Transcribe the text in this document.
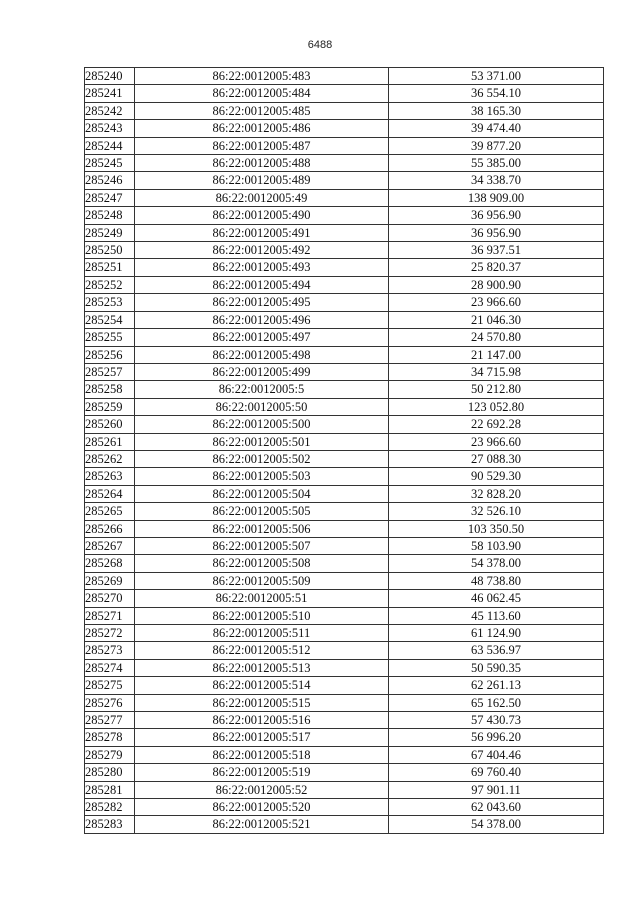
6488
285240	86:22:0012005:483	53 371.00
285241	86:22:0012005:484	36 554.10
285242	86:22:0012005:485	38 165.30
285243	86:22:0012005:486	39 474.40
285244	86:22:0012005:487	39 877.20
285245	86:22:0012005:488	55 385.00
285246	86:22:0012005:489	34 338.70
285247	86:22:0012005:49	138 909.00
285248	86:22:0012005:490	36 956.90
285249	86:22:0012005:491	36 956.90
285250	86:22:0012005:492	36 937.51
285251	86:22:0012005:493	25 820.37
285252	86:22:0012005:494	28 900.90
285253	86:22:0012005:495	23 966.60
285254	86:22:0012005:496	21 046.30
285255	86:22:0012005:497	24 570.80
285256	86:22:0012005:498	21 147.00
285257	86:22:0012005:499	34 715.98
285258	86:22:0012005:5	50 212.80
285259	86:22:0012005:50	123 052.80
285260	86:22:0012005:500	22 692.28
285261	86:22:0012005:501	23 966.60
285262	86:22:0012005:502	27 088.30
285263	86:22:0012005:503	90 529.30
285264	86:22:0012005:504	32 828.20
285265	86:22:0012005:505	32 526.10
285266	86:22:0012005:506	103 350.50
285267	86:22:0012005:507	58 103.90
285268	86:22:0012005:508	54 378.00
285269	86:22:0012005:509	48 738.80
285270	86:22:0012005:51	46 062.45
285271	86:22:0012005:510	45 113.60
285272	86:22:0012005:511	61 124.90
285273	86:22:0012005:512	63 536.97
285274	86:22:0012005:513	50 590.35
285275	86:22:0012005:514	62 261.13
285276	86:22:0012005:515	65 162.50
285277	86:22:0012005:516	57 430.73
285278	86:22:0012005:517	56 996.20
285279	86:22:0012005:518	67 404.46
285280	86:22:0012005:519	69 760.40
285281	86:22:0012005:52	97 901.11
285282	86:22:0012005:520	62 043.60
285283	86:22:0012005:521	54 378.00
